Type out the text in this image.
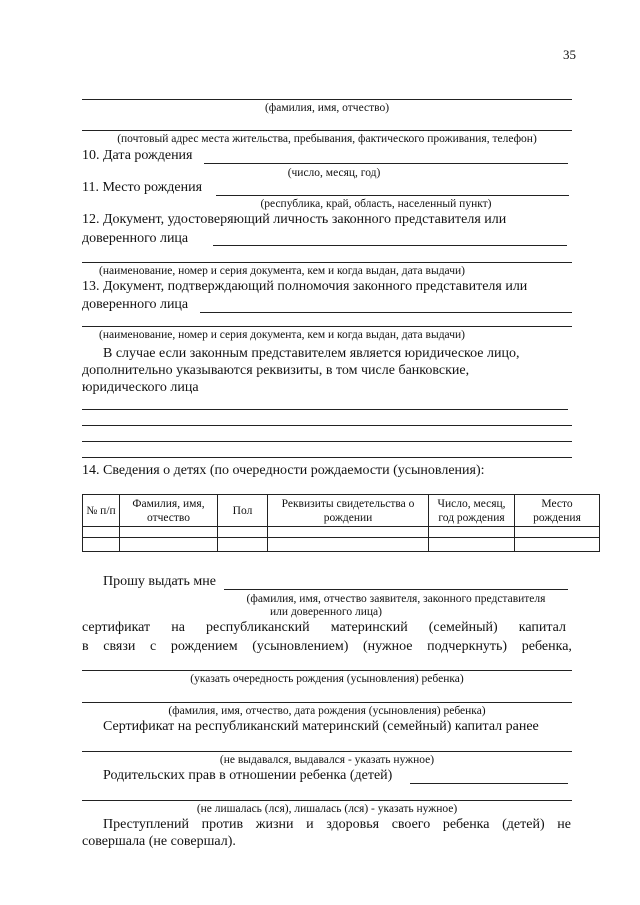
35
(фамилия, имя, отчество)
(почтовый адрес места жительства, пребывания, фактического проживания, телефон)
10. Дата рождения
(число, месяц, год)
11. Место рождения
(республика, край, область, населенный пункт)
12. Документ, удостоверяющий личность законного представителя или
доверенного лица
(наименование, номер и серия документа, кем и когда выдан, дата выдачи)
13. Документ, подтверждающий полномочия законного представителя или
доверенного лица
(наименование, номер и серия документа, кем и когда выдан, дата выдачи)
В случае если законным представителем является юридическое лицо,
дополнительно указываются реквизиты, в том числе банковские,
юридического лица
14. Сведения о детях (по очередности рождаемости (усыновления):
№ п/п	Фамилия, имя, отчество	Пол	Реквизиты свидетельства о рождении	Число, месяц, год рождения	Место рождения

Прошу выдать мне
(фамилия, имя, отчество заявителя, законного представителя
или доверенного лица)
сертификат на республиканский материнский (семейный) капитал
в связи с рождением (усыновлением) (нужное подчеркнуть) ребенка,
(указать очередность рождения (усыновления) ребенка)
(фамилия, имя, отчество, дата рождения (усыновления) ребенка)
Сертификат на республиканский материнский (семейный) капитал ранее
(не выдавался, выдавался - указать нужное)
Родительских прав в отношении ребенка (детей)
(не лишалась (лся), лишалась (лся) - указать нужное)
Преступлений против жизни и здоровья своего ребенка (детей) не
совершала (не совершал).
